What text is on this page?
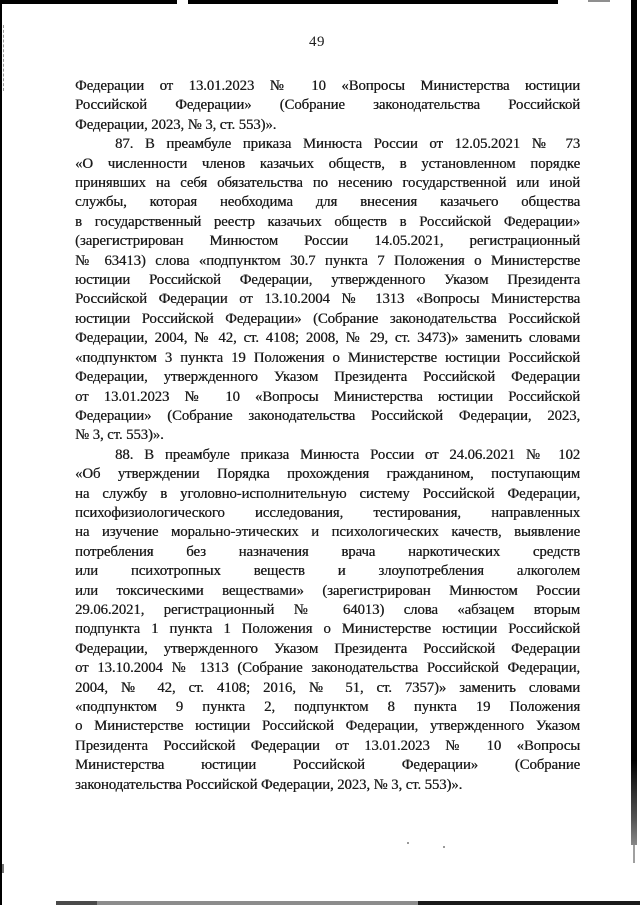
49
Федерации от 13.01.2023 № 10 «Вопросы Министерства юстиции
Российской Федерации» (Собрание законодательства Российской
Федерации, 2023, № 3, ст. 553)».
87. В преамбуле приказа Минюста России от 12.05.2021 № 73
«О численности членов казачьих обществ, в установленном порядке
принявших на себя обязательства по несению государственной или иной
службы, которая необходима для внесения казачьего общества
в государственный реестр казачьих обществ в Российской Федерации»
(зарегистрирован Минюстом России 14.05.2021, регистрационный
№ 63413) слова «подпунктом 30.7 пункта 7 Положения о Министерстве
юстиции Российской Федерации, утвержденного Указом Президента
Российской Федерации от 13.10.2004 № 1313 «Вопросы Министерства
юстиции Российской Федерации» (Собрание законодательства Российской
Федерации, 2004, № 42, ст. 4108; 2008, № 29, ст. 3473)» заменить словами
«подпунктом 3 пункта 19 Положения о Министерстве юстиции Российской
Федерации, утвержденного Указом Президента Российской Федерации
от 13.01.2023 № 10 «Вопросы Министерства юстиции Российской
Федерации» (Собрание законодательства Российской Федерации, 2023,
№ 3, ст. 553)».
88. В преамбуле приказа Минюста России от 24.06.2021 № 102
«Об утверждении Порядка прохождения гражданином, поступающим
на службу в уголовно-исполнительную систему Российской Федерации,
психофизиологического исследования, тестирования, направленных
на изучение морально-этических и психологических качеств, выявление
потребления без назначения врача наркотических средств
или психотропных веществ и злоупотребления алкоголем
или токсическими веществами» (зарегистрирован Минюстом России
29.06.2021, регистрационный № 64013) слова «абзацем вторым
подпункта 1 пункта 1 Положения о Министерстве юстиции Российской
Федерации, утвержденного Указом Президента Российской Федерации
от 13.10.2004 № 1313 (Собрание законодательства Российской Федерации,
2004, № 42, ст. 4108; 2016, № 51, ст. 7357)» заменить словами
«подпунктом 9 пункта 2, подпунктом 8 пункта 19 Положения
о Министерстве юстиции Российской Федерации, утвержденного Указом
Президента Российской Федерации от 13.01.2023 № 10 «Вопросы
Министерства юстиции Российской Федерации» (Собрание
законодательства Российской Федерации, 2023, № 3, ст. 553)».
